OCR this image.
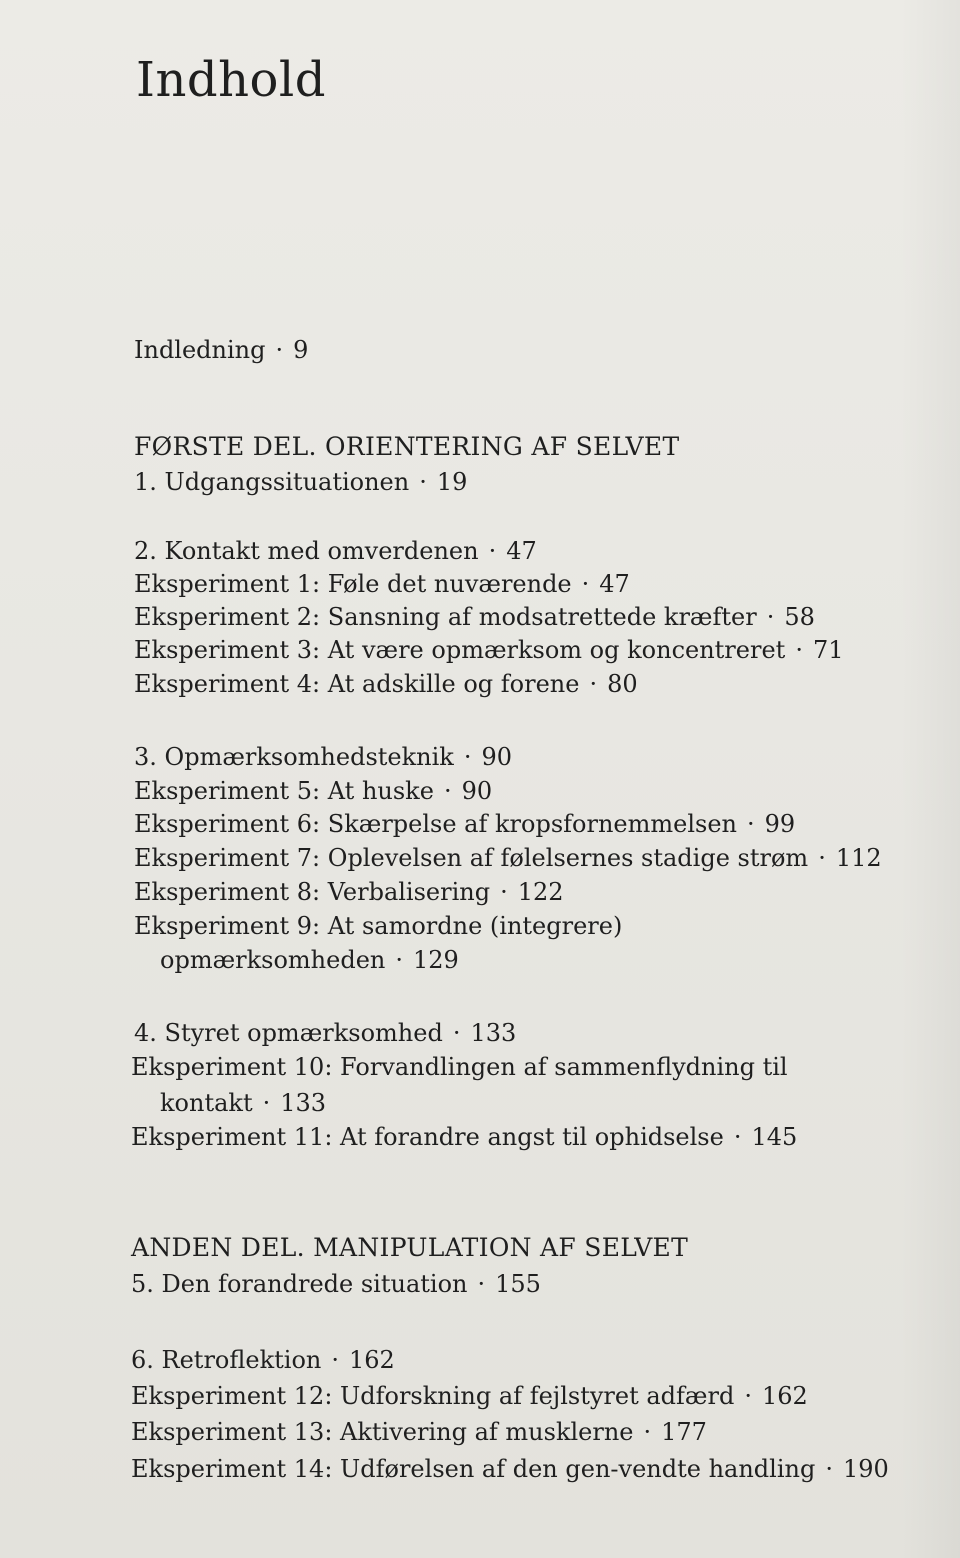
Indhold
Indledning · 9
FØRSTE DEL. ORIENTERING AF SELVET
1. Udgangssituationen · 19
2. Kontakt med omverdenen · 47
Eksperiment 1: Føle det nuværende · 47
Eksperiment 2: Sansning af modsatrettede kræfter · 58
Eksperiment 3: At være opmærksom og koncentreret · 71
Eksperiment 4: At adskille og forene · 80
3. Opmærksomhedsteknik · 90
Eksperiment 5: At huske · 90
Eksperiment 6: Skærpelse af kropsfornemmelsen · 99
Eksperiment 7: Oplevelsen af følelsernes stadige strøm · 112
Eksperiment 8: Verbalisering · 122
Eksperiment 9: At samordne (integrere)
opmærksomheden · 129
4. Styret opmærksomhed · 133
Eksperiment 10: Forvandlingen af sammenflydning til
kontakt · 133
Eksperiment 11: At forandre angst til ophidselse · 145
ANDEN DEL. MANIPULATION AF SELVET
5. Den forandrede situation · 155
6. Retroflektion · 162
Eksperiment 12: Udforskning af fejlstyret adfærd · 162
Eksperiment 13: Aktivering af musklerne · 177
Eksperiment 14: Udførelsen af den gen-vendte handling · 190
